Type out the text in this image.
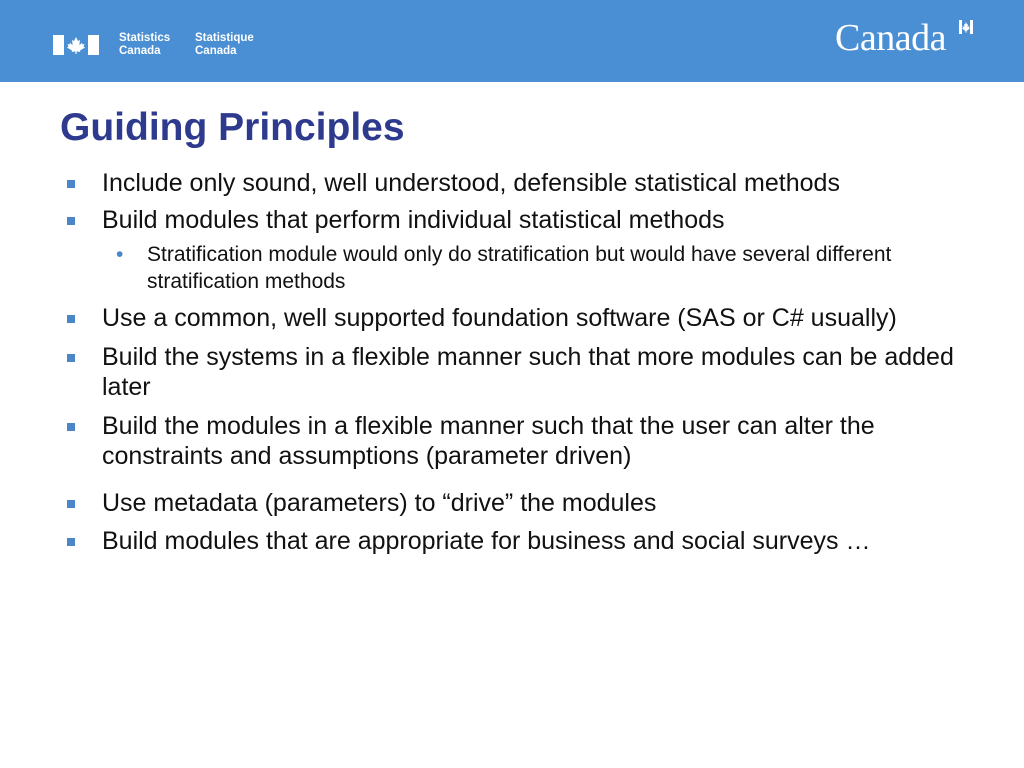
Statistics
Canada
Statistique
Canada	Canada
Guiding Principles
Include only sound, well understood, defensible statistical methods
Build modules that perform individual statistical methods
• Stratification module would only do stratification but would have several different stratification methods
Use a common, well supported foundation software (SAS or C# usually)
Build the systems in a flexible manner such that more modules can be added later
Build the modules in a flexible manner such that the user can alter the constraints and assumptions (parameter driven)
Use metadata (parameters) to “drive” the modules
Build modules that are appropriate for business and social surveys …
